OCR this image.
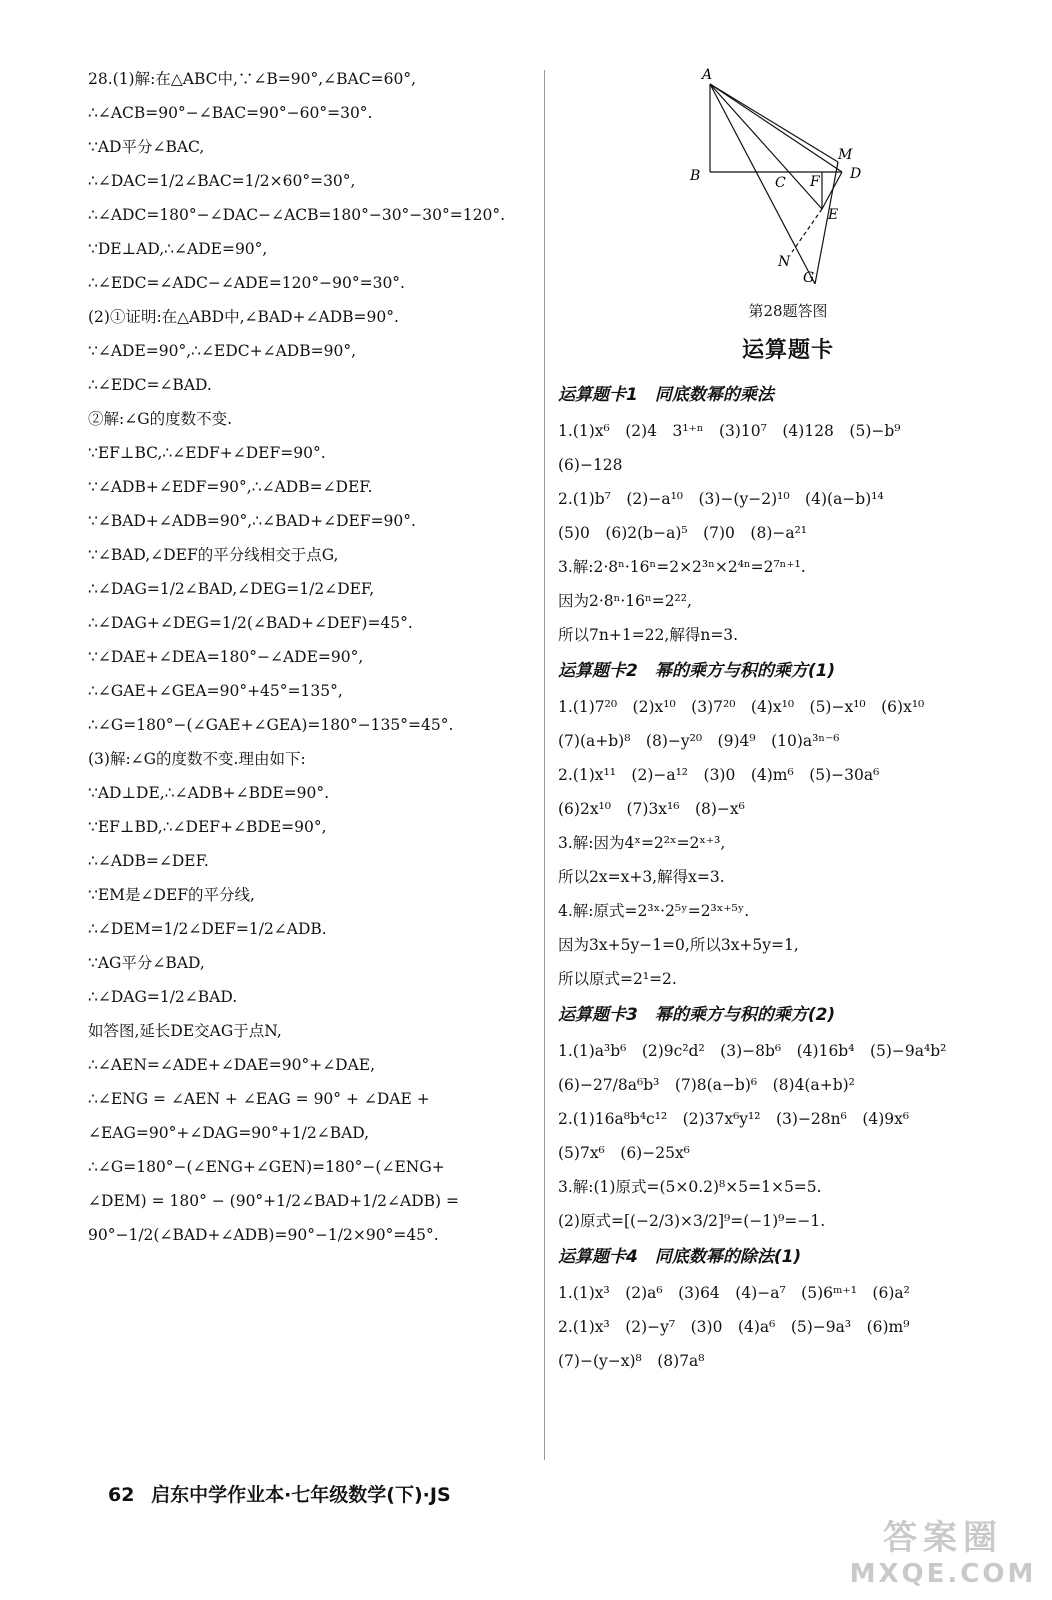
28.(1)解:在△ABC中,∵∠B=90°,∠BAC=60°,
∴∠ACB=90°−∠BAC=90°−60°=30°.
∵AD平分∠BAC,
∴∠DAC=1/2∠BAC=1/2×60°=30°,
∴∠ADC=180°−∠DAC−∠ACB=180°−30°−30°=120°.
∵DE⊥AD,∴∠ADE=90°,
∴∠EDC=∠ADC−∠ADE=120°−90°=30°.
(2)①证明:在△ABD中,∠BAD+∠ADB=90°.
∵∠ADE=90°,∴∠EDC+∠ADB=90°,
∴∠EDC=∠BAD.
②解:∠G的度数不变.
∵EF⊥BC,∴∠EDF+∠DEF=90°.
∵∠ADB+∠EDF=90°,∴∠ADB=∠DEF.
∵∠BAD+∠ADB=90°,∴∠BAD+∠DEF=90°.
∵∠BAD,∠DEF的平分线相交于点G,
∴∠DAG=1/2∠BAD,∠DEG=1/2∠DEF,
∴∠DAG+∠DEG=1/2(∠BAD+∠DEF)=45°.
∵∠DAE+∠DEA=180°−∠ADE=90°,
∴∠GAE+∠GEA=90°+45°=135°,
∴∠G=180°−(∠GAE+∠GEA)=180°−135°=45°.
(3)解:∠G的度数不变.理由如下:
∵AD⊥DE,∴∠ADB+∠BDE=90°.
∵EF⊥BD,∴∠DEF+∠BDE=90°,
∴∠ADB=∠DEF.
∵EM是∠DEF的平分线,
∴∠DEM=1/2∠DEF=1/2∠ADB.
∵AG平分∠BAD,
∴∠DAG=1/2∠BAD.
如答图,延长DE交AG于点N,
∴∠AEN=∠ADE+∠DAE=90°+∠DAE,
∴∠ENG = ∠AEN + ∠EAG = 90° + ∠DAE +
∠EAG=90°+∠DAG=90°+1/2∠BAD,
∴∠G=180°−(∠ENG+∠GEN)=180°−(∠ENG+
∠DEM) = 180° − (90°+1/2∠BAD+1/2∠ADB) =
90°−1/2(∠BAD+∠ADB)=90°−1/2×90°=45°.
A
B	C F
M
D
E
N
G
第28题答图
运算题卡
运算题卡1　同底数幂的乘法
1.(1)x⁶　(2)4　3¹⁺ⁿ　(3)10⁷　(4)128　(5)−b⁹
(6)−128
2.(1)b⁷　(2)−a¹⁰　(3)−(y−2)¹⁰　(4)(a−b)¹⁴
(5)0　(6)2(b−a)⁵　(7)0　(8)−a²¹
3.解:2·8ⁿ·16ⁿ=2×2³ⁿ×2⁴ⁿ=2⁷ⁿ⁺¹.
因为2·8ⁿ·16ⁿ=2²²,
所以7n+1=22,解得n=3.
运算题卡2　幂的乘方与积的乘方(1)
1.(1)7²⁰　(2)x¹⁰　(3)7²⁰　(4)x¹⁰　(5)−x¹⁰　(6)x¹⁰
(7)(a+b)⁸　(8)−y²⁰　(9)4⁹　(10)a³ⁿ⁻⁶
2.(1)x¹¹　(2)−a¹²　(3)0　(4)m⁶　(5)−30a⁶
(6)2x¹⁰　(7)3x¹⁶　(8)−x⁶
3.解:因为4ˣ=2²ˣ=2ˣ⁺³,
所以2x=x+3,解得x=3.
4.解:原式=2³ˣ·2⁵ʸ=2³ˣ⁺⁵ʸ.
因为3x+5y−1=0,所以3x+5y=1,
所以原式=2¹=2.
运算题卡3　幂的乘方与积的乘方(2)
1.(1)a³b⁶　(2)9c²d²　(3)−8b⁶　(4)16b⁴　(5)−9a⁴b²
(6)−27/8a⁶b³　(7)8(a−b)⁶　(8)4(a+b)²
2.(1)16a⁸b⁴c¹²　(2)37x⁶y¹²　(3)−28n⁶　(4)9x⁶
(5)7x⁶　(6)−25x⁶
3.解:(1)原式=(5×0.2)⁸×5=1×5=5.
(2)原式=[(−2/3)×3/2]⁹=(−1)⁹=−1.
运算题卡4　同底数幂的除法(1)
1.(1)x³　(2)a⁶　(3)64　(4)−a⁷　(5)6ᵐ⁺¹　(6)a²
2.(1)x³　(2)−y⁷　(3)0　(4)a⁶　(5)−9a³　(6)m⁹
(7)−(y−x)⁸　(8)7a⁸
62 启东中学作业本·七年级数学(下)·JS
答案圈
MXQE.COM
